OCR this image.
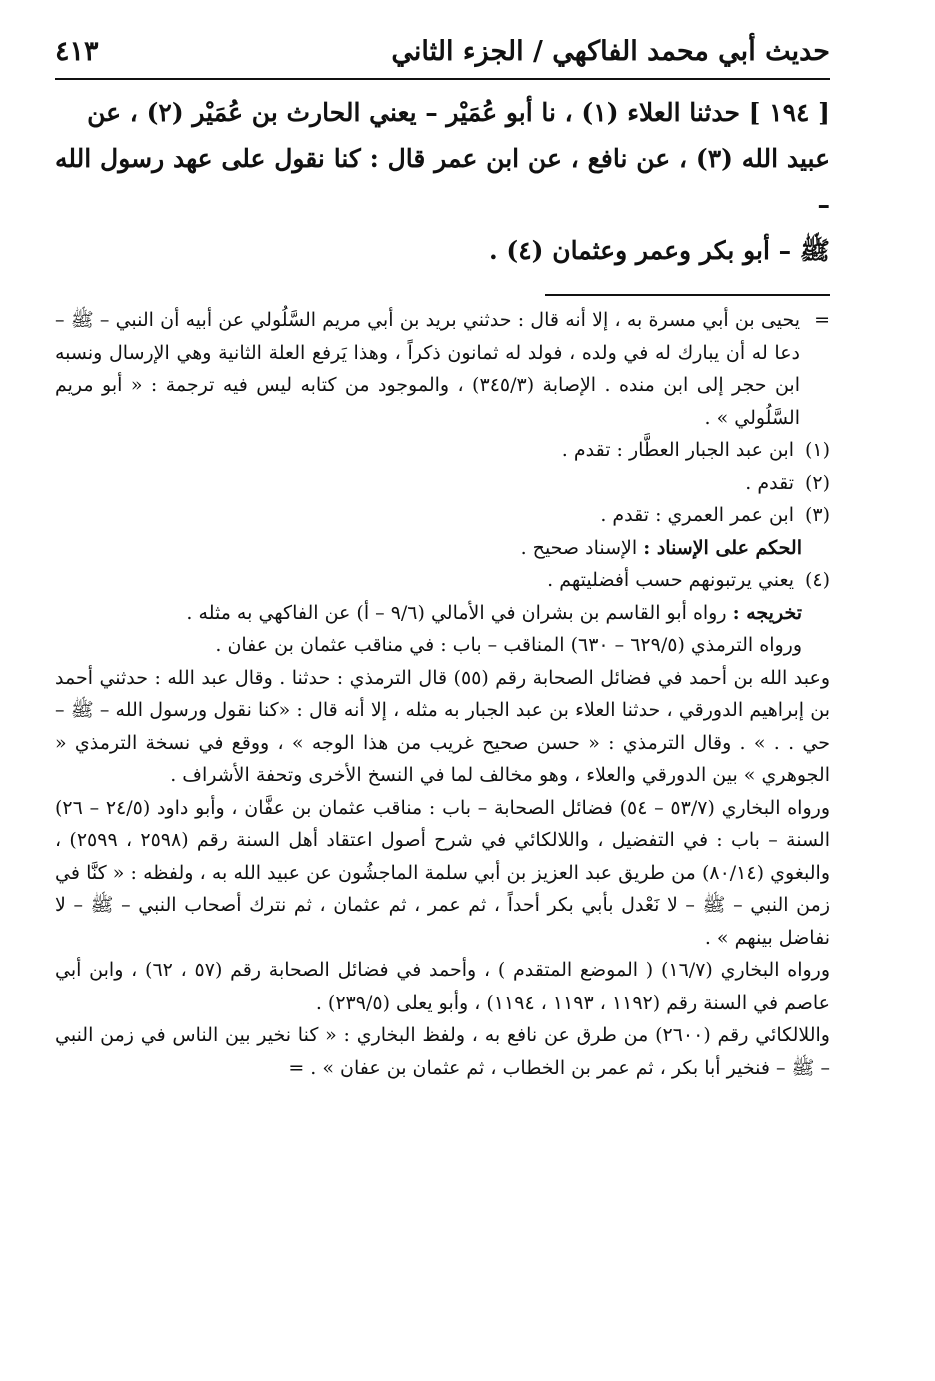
حديث أبي محمد الفاكهي / الجزء الثاني
٤١٣

[ ١٩٤ ] حدثنا العلاء (١) ، نا أبو عُمَيْر – يعني الحارث بن عُمَيْر (٢) ، عن

عبيد الله (٣) ، عن نافع ، عن ابن عمر قال : كنا نقول على عهد رسول الله –

ﷺ – أبو بكر وعمر وعثمان (٤) .

=
يحيى بن أبي مسرة به ، إلا أنه قال : حدثني بريد بن أبي مريم السَّلُولي عن أبيه أن النبي – ﷺ – دعا له أن يبارك له في ولده ، فولد له ثمانون ذكراً ، وهذا يَرفع العلة الثانية وهي الإرسال ونسبه ابن حجر إلى ابن منده . الإصابة (٣٤٥/٣) ، والموجود من كتابه ليس فيه ترجمة : « أبو مريم السَّلُولي » .

(١)
ابن عبد الجبار العطَّار : تقدم .

(٢)
تقدم .

(٣)
ابن عمر العمري : تقدم .

الحكم على الإسناد : الإسناد صحيح .

(٤)
يعني يرتبونهم حسب أفضليتهم .

تخريجه : رواه أبو القاسم بن بشران في الأمالي (٩/٦ – أ) عن الفاكهي به مثله .

ورواه الترمذي (٦٢٩/٥ – ٦٣٠) المناقب – باب : في مناقب عثمان بن عفان .

وعبد الله بن أحمد في فضائل الصحابة رقم (٥٥) قال الترمذي : حدثنا . وقال عبد الله : حدثني أحمد بن إبراهيم الدورقي ، حدثنا العلاء بن عبد الجبار به مثله ، إلا أنه قال : «كنا نقول ورسول الله – ﷺ – حي . . » . وقال الترمذي : « حسن صحيح غريب من هذا الوجه » ، ووقع في نسخة الترمذي « الجوهري » بين الدورقي والعلاء ، وهو مخالف لما في النسخ الأخرى وتحفة الأشراف .

ورواه البخاري (٥٣/٧ – ٥٤) فضائل الصحابة – باب : مناقب عثمان بن عفَّان ، وأبو داود (٢٤/٥ – ٢٦) السنة – باب : في التفضيل ، واللالكائي في شرح أصول اعتقاد أهل السنة رقم (٢٥٩٨ ، ٢٥٩٩) ، والبغوي (٨٠/١٤) من طريق عبد العزيز بن أبي سلمة الماجشُون عن عبيد الله به ، ولفظه : « كنَّا في زمن النبي – ﷺ – لا نَعْدل بأبي بكر أحداً ، ثم عمر ، ثم عثمان ، ثم نترك أصحاب النبي – ﷺ – لا نفاضل بينهم » .

ورواه البخاري (١٦/٧) ( الموضع المتقدم ) ، وأحمد في فضائل الصحابة رقم (٥٧ ، ٦٢) ، وابن أبي عاصم في السنة رقم (١١٩٢ ، ١١٩٣ ، ١١٩٤) ، وأبو يعلى (٢٣٩/٥) .

واللالكائي رقم (٢٦٠٠) من طرق عن نافع به ، ولفظ البخاري : « كنا نخير بين الناس في زمن النبي – ﷺ – فنخير أبا بكر ، ثم عمر بن الخطاب ، ثم عثمان بن عفان » . =
